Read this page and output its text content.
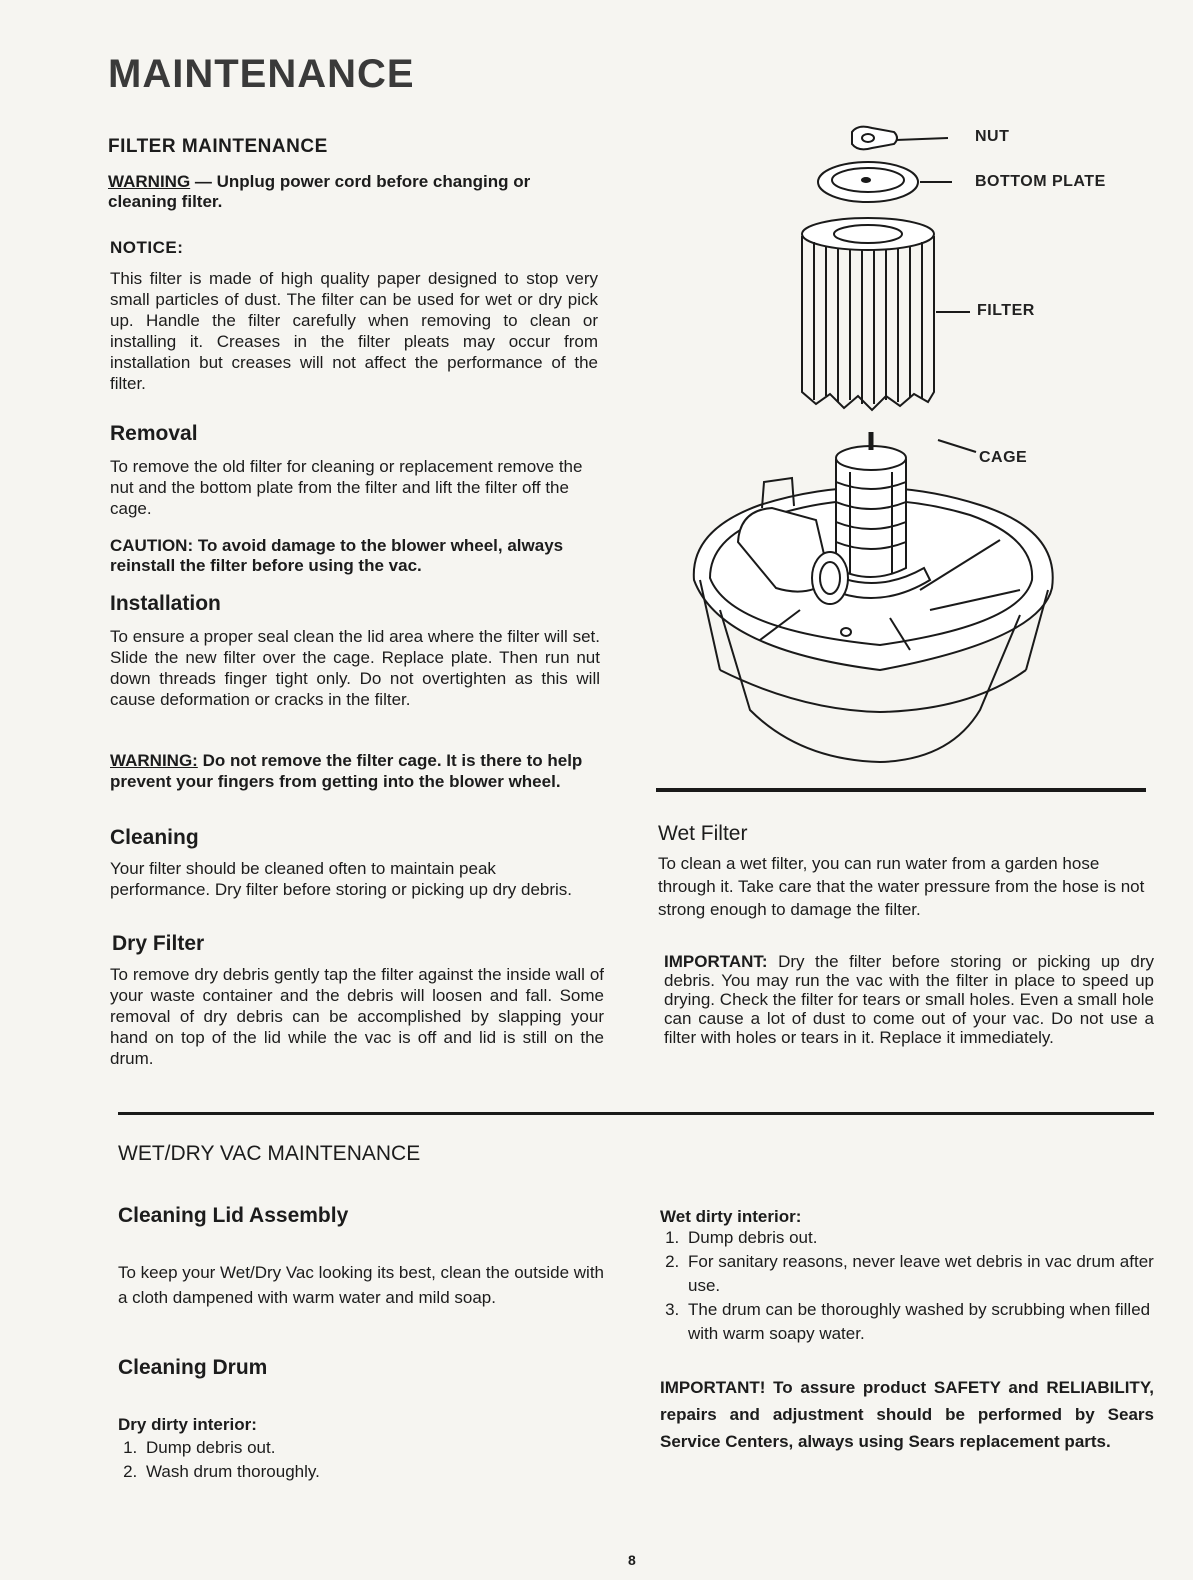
MAINTENANCE
FILTER MAINTENANCE
WARNING — Unplug power cord before changing or cleaning filter.
NOTICE:
This filter is made of high quality paper designed to stop very small particles of dust. The filter can be used for wet or dry pick up. Handle the filter carefully when removing to clean or installing it. Creases in the filter pleats may occur from installation but creases will not affect the performance of the filter.
Removal
To remove the old filter for cleaning or replacement remove the nut and the bottom plate from the filter and lift the filter off the cage.
CAUTION: To avoid damage to the blower wheel, always reinstall the filter before using the vac.
Installation
To ensure a proper seal clean the lid area where the filter will set. Slide the new filter over the cage. Replace plate. Then run nut down threads finger tight only. Do not overtighten as this will cause deformation or cracks in the filter.
WARNING: Do not remove the filter cage. It is there to help prevent your fingers from getting into the blower wheel.
Cleaning
Your filter should be cleaned often to maintain peak performance. Dry filter before storing or picking up dry debris.
Dry Filter
To remove dry debris gently tap the filter against the inside wall of your waste container and the debris will loosen and fall. Some removal of dry debris can be accomplished by slapping your hand on top of the lid while the vac is off and lid is still on the drum.
NUT
BOTTOM PLATE
FILTER
CAGE
Wet Filter
To clean a wet filter, you can run water from a garden hose through it. Take care that the water pressure from the hose is not strong enough to damage the filter.
IMPORTANT: Dry the filter before storing or picking up dry debris. You may run the vac with the filter in place to speed up drying. Check the filter for tears or small holes. Even a small hole can cause a lot of dust to come out of your vac. Do not use a filter with holes or tears in it. Replace it immediately.
WET/DRY VAC MAINTENANCE
Cleaning Lid Assembly
To keep your Wet/Dry Vac looking its best, clean the outside with a cloth dampened with warm water and mild soap.
Cleaning Drum
Dry dirty interior:
1. Dump debris out.
2. Wash drum thoroughly.
Wet dirty interior:
1. Dump debris out.
2. For sanitary reasons, never leave wet debris in vac drum after use.
3. The drum can be thoroughly washed by scrubbing when filled with warm soapy water.
IMPORTANT! To assure product SAFETY and RELIABILITY, repairs and adjustment should be performed by Sears Service Centers, always using Sears replacement parts.
8
